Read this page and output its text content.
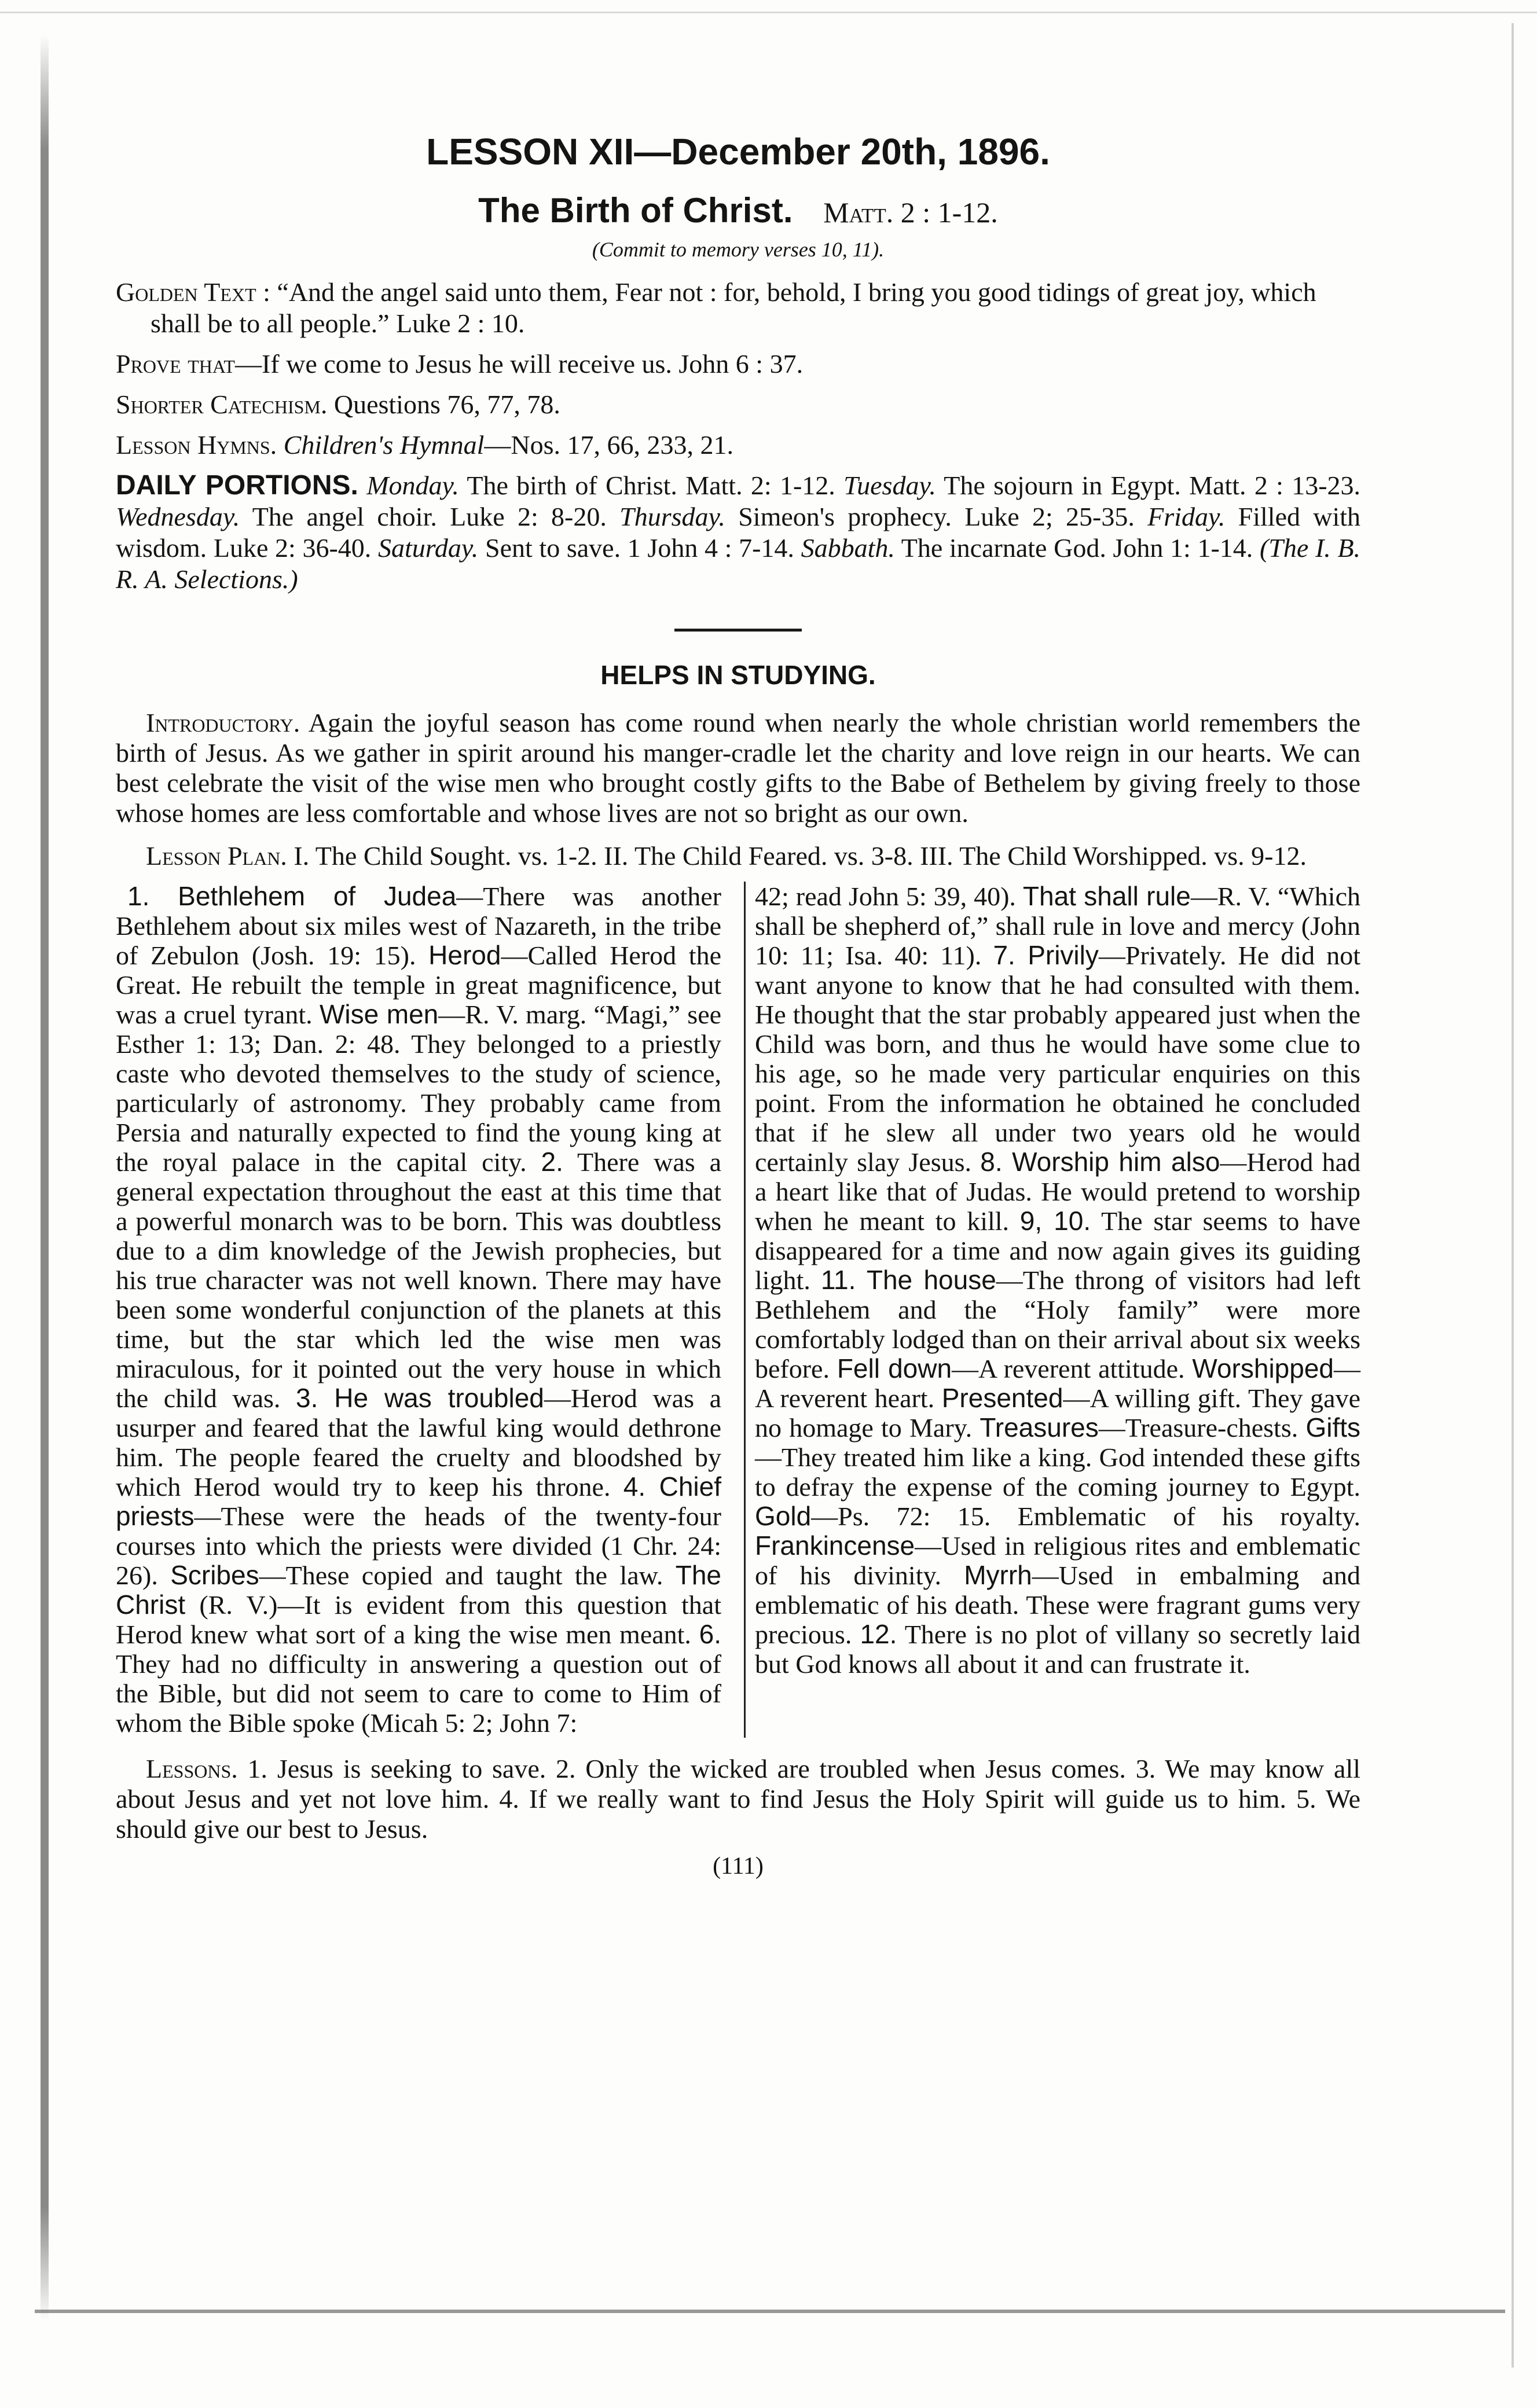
LESSON XII—December 20th, 1896.
The Birth of Christ. Matt. 2 : 1-12.
(Commit to memory verses 10, 11).

Golden Text : “And the angel said unto them, Fear not : for, behold, I bring you good tidings of great joy, which shall be to all people.” Luke 2 : 10.

Prove that—If we come to Jesus he will receive us. John 6 : 37.

Shorter Catechism. Questions 76, 77, 78.

Lesson Hymns. Children's Hymnal—Nos. 17, 66, 233, 21.

DAILY PORTIONS. Monday. The birth of Christ. Matt. 2: 1-12. Tuesday. The sojourn in Egypt. Matt. 2 : 13-23. Wednesday. The angel choir. Luke 2: 8-20. Thursday. Simeon's prophecy. Luke 2; 25-35. Friday. Filled with wisdom. Luke 2: 36-40. Saturday. Sent to save. 1 John 4 : 7-14. Sabbath. The incarnate God. John 1: 1-14. (The I. B. R. A. Selections.)

HELPS IN STUDYING.

Introductory. Again the joyful season has come round when nearly the whole christian world remembers the birth of Jesus. As we gather in spirit around his manger-cradle let the charity and love reign in our hearts. We can best celebrate the visit of the wise men who brought costly gifts to the Babe of Bethelem by giving freely to those whose homes are less comfortable and whose lives are not so bright as our own.

Lesson Plan. I. The Child Sought. vs. 1-2. II. The Child Feared. vs. 3-8. III. The Child Worshipped. vs. 9-12.

1. Bethlehem of Judea—There was another Bethlehem about six miles west of Nazareth, in the tribe of Zebulon (Josh. 19: 15). Herod—Called Herod the Great. He rebuilt the temple in great magnificence, but was a cruel tyrant. Wise men—R. V. marg. “Magi,” see Esther 1: 13; Dan. 2: 48. They belonged to a priestly caste who devoted themselves to the study of science, particularly of astronomy. They probably came from Persia and naturally expected to find the young king at the royal palace in the capital city. 2. There was a general expectation throughout the east at this time that a powerful monarch was to be born. This was doubtless due to a dim knowledge of the Jewish prophecies, but his true character was not well known. There may have been some wonderful conjunction of the planets at this time, but the star which led the wise men was miraculous, for it pointed out the very house in which the child was. 3. He was troubled—Herod was a usurper and feared that the lawful king would dethrone him. The people feared the cruelty and bloodshed by which Herod would try to keep his throne. 4. Chief priests—These were the heads of the twenty-four courses into which the priests were divided (1 Chr. 24: 26). Scribes—These copied and taught the law. The Christ (R. V.)—It is evident from this question that Herod knew what sort of a king the wise men meant. 6. They had no difficulty in answering a question out of the Bible, but did not seem to care to come to Him of whom the Bible spoke (Micah 5: 2; John 7:
42; read John 5: 39, 40). That shall rule—R. V. “Which shall be shepherd of,” shall rule in love and mercy (John 10: 11; Isa. 40: 11). 7. Privily—Privately. He did not want anyone to know that he had consulted with them. He thought that the star probably appeared just when the Child was born, and thus he would have some clue to his age, so he made very particular enquiries on this point. From the information he obtained he concluded that if he slew all under two years old he would certainly slay Jesus. 8. Worship him also—Herod had a heart like that of Judas. He would pretend to worship when he meant to kill. 9, 10. The star seems to have disappeared for a time and now again gives its guiding light. 11. The house—The throng of visitors had left Bethlehem and the “Holy family” were more comfortably lodged than on their arrival about six weeks before. Fell down—A reverent attitude. Worshipped—A reverent heart. Presented—A willing gift. They gave no homage to Mary. Treasures—Treasure-chests. Gifts—They treated him like a king. God intended these gifts to defray the expense of the coming journey to Egypt. Gold—Ps. 72: 15. Emblematic of his royalty. Frankincense—Used in religious rites and emblematic of his divinity. Myrrh—Used in embalming and emblematic of his death. These were fragrant gums very precious. 12. There is no plot of villany so secretly laid but God knows all about it and can frustrate it.

Lessons. 1. Jesus is seeking to save. 2. Only the wicked are troubled when Jesus comes. 3. We may know all about Jesus and yet not love him. 4. If we really want to find Jesus the Holy Spirit will guide us to him. 5. We should give our best to Jesus.

(111)
